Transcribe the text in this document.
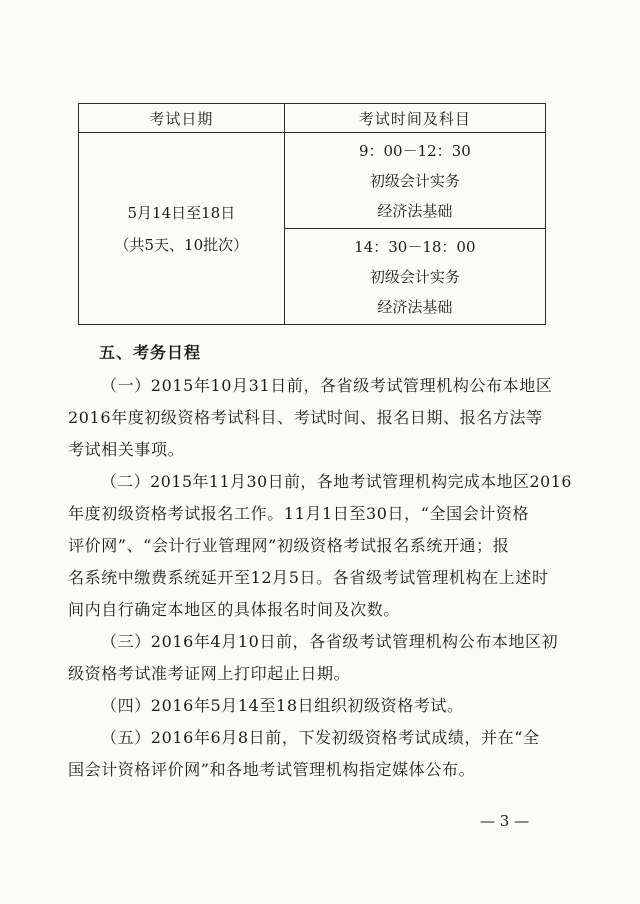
考试日期	考试时间及科目

5月14日至18日
（共5天、10批次）	9：00－12：30
初级会计实务
经济法基础

	14：30－18：00
初级会计实务
经济法基础
五、考务日程
（一）2015年10月31日前，各省级考试管理机构公布本地区
2016年度初级资格考试科目、考试时间、报名日期、报名方法等
考试相关事项。
（二）2015年11月30日前，各地考试管理机构完成本地区2016
年度初级资格考试报名工作。11月1日至30日，“全国会计资格
评价网”、“会计行业管理网”初级资格考试报名系统开通；报
名系统中缴费系统延开至12月5日。各省级考试管理机构在上述时
间内自行确定本地区的具体报名时间及次数。
（三）2016年4月10日前，各省级考试管理机构公布本地区初
级资格考试准考证网上打印起止日期。
（四）2016年5月14至18日组织初级资格考试。
（五）2016年6月8日前，下发初级资格考试成绩，并在“全
国会计资格评价网”和各地考试管理机构指定媒体公布。
— 3 —
